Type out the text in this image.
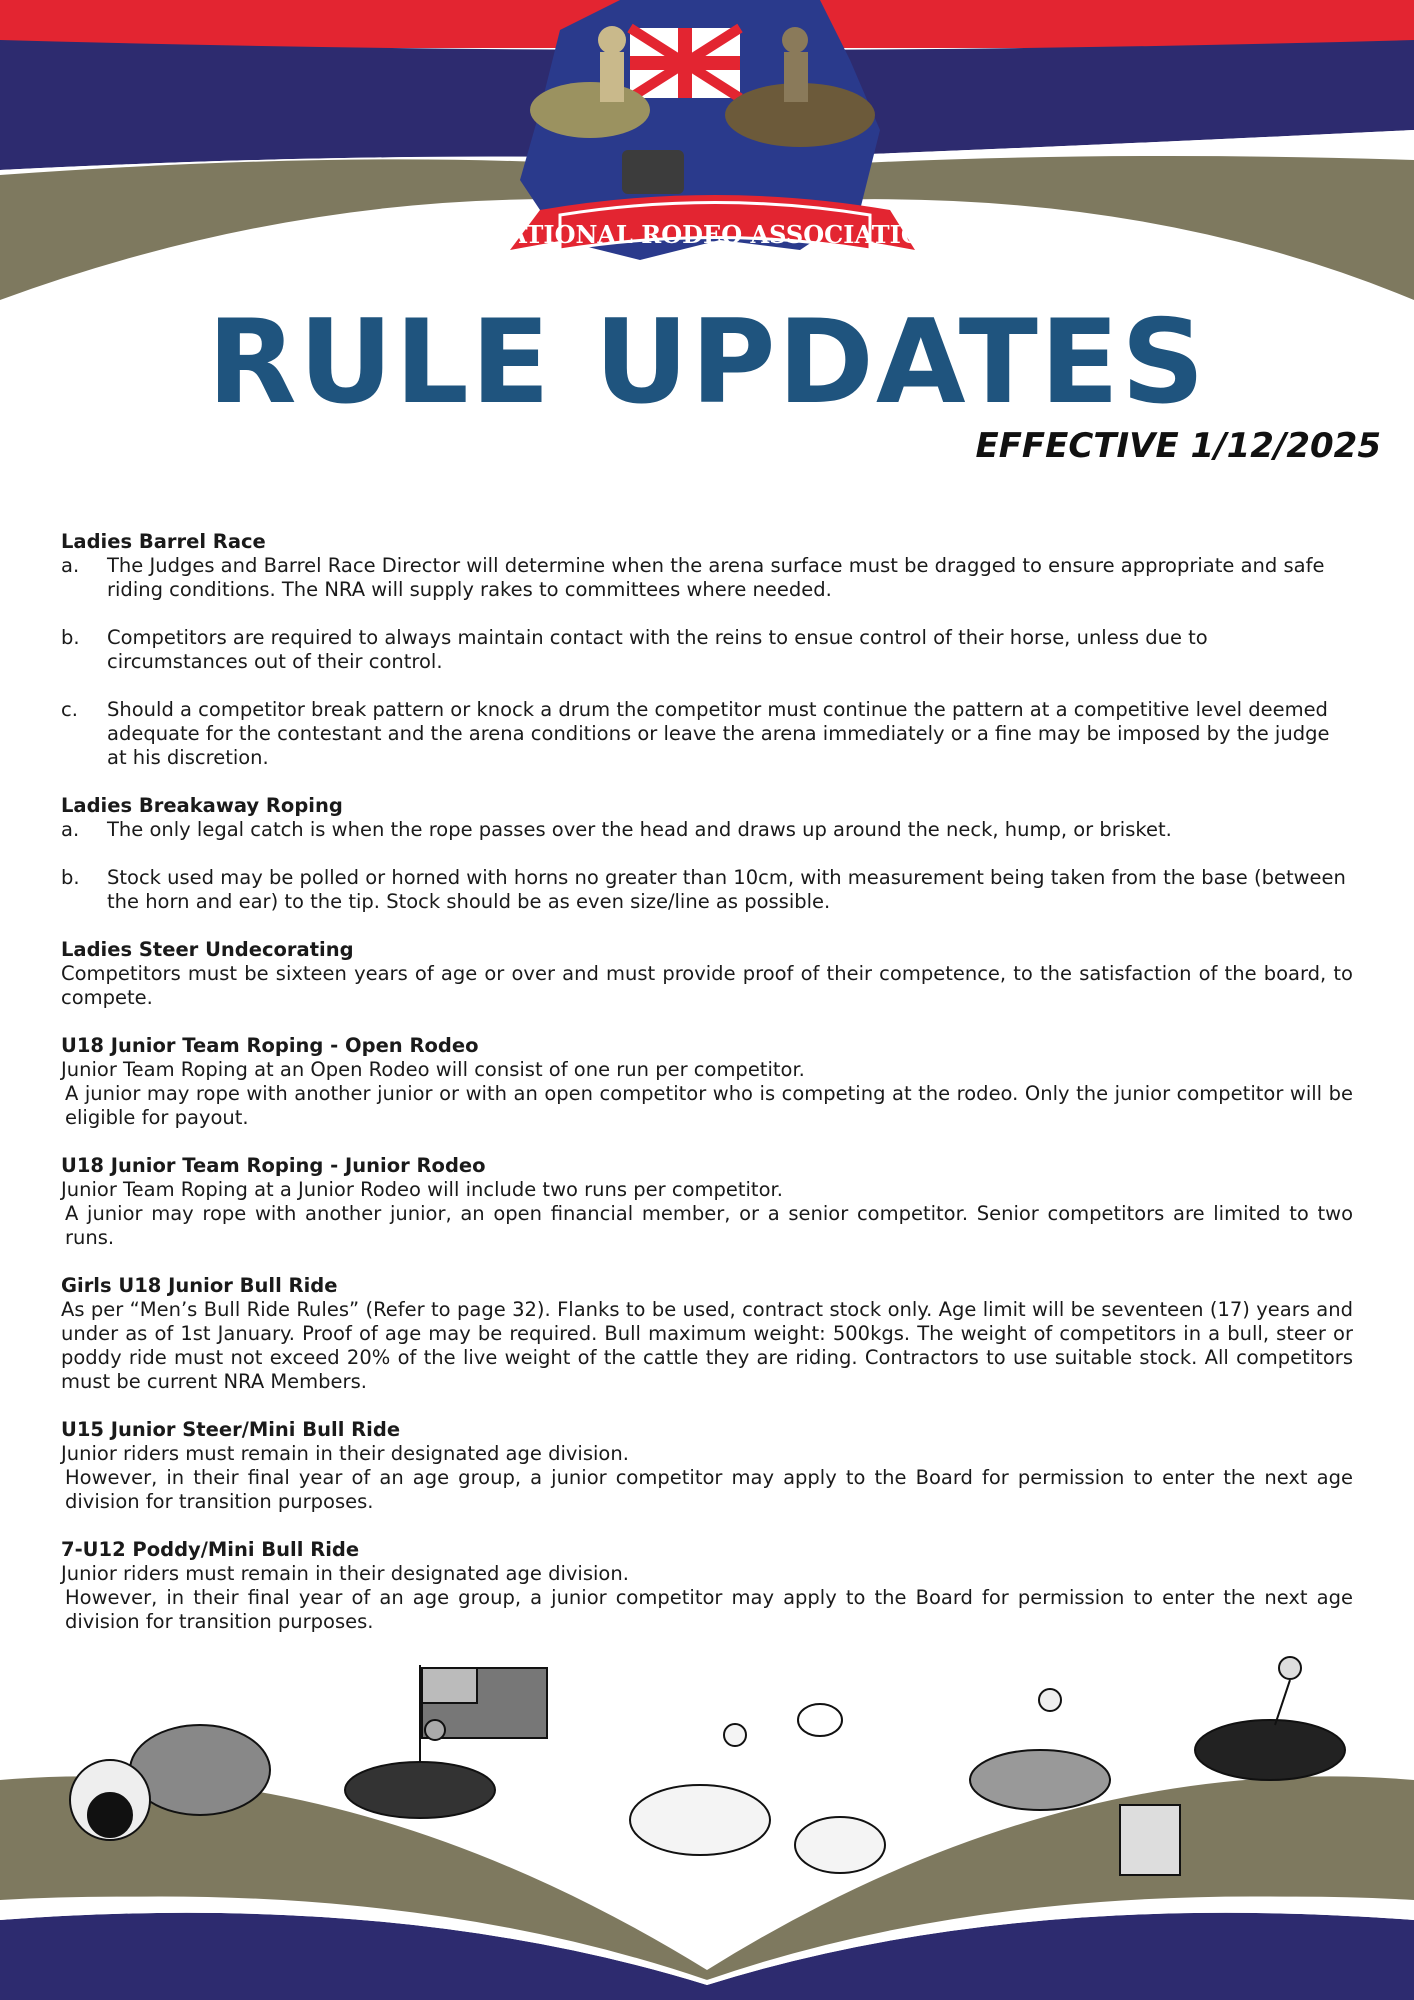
NATIONAL RODEO ASSOCIATION
RULE UPDATES
EFFECTIVE 1/12/2025
Ladies Barrel Race
a.	The Judges and Barrel Race Director will determine when the arena surface must be dragged to ensure appropriate and safe riding conditions. The NRA will supply rakes to committees where needed.
b.	Competitors are required to always maintain contact with the reins to ensue control of their horse, unless due to circumstances out of their control.
c.	Should a competitor break pattern or knock a drum the competitor must continue the pattern at a competitive level deemed adequate for the contestant and the arena conditions or leave the arena immediately or a fine may be imposed by the judge at his discretion.
Ladies Breakaway Roping
a.	The only legal catch is when the rope passes over the head and draws up around the neck, hump, or brisket.
b.	Stock used may be polled or horned with horns no greater than 10cm, with measurement being taken from the base (between the horn and ear) to the tip. Stock should be as even size/line as possible.
Ladies Steer Undecorating

Competitors must be sixteen years of age or over and must provide proof of their competence, to the satisfaction of the board, to compete.

U18 Junior Team Roping - Open Rodeo

Junior Team Roping at an Open Rodeo will consist of one run per competitor.

A junior may rope with another junior or with an open competitor who is competing at the rodeo. Only the junior competitor will be eligible for payout.

U18 Junior Team Roping - Junior Rodeo

Junior Team Roping at a Junior Rodeo will include two runs per competitor.

A junior may rope with another junior, an open financial member, or a senior competitor. Senior competitors are limited to two runs.

Girls U18 Junior Bull Ride

As per “Men’s Bull Ride Rules” (Refer to page 32). Flanks to be used, contract stock only. Age limit will be seventeen (17) years and under as of 1st January. Proof of age may be required. Bull maximum weight: 500kgs. The weight of competitors in a bull, steer or poddy ride must not exceed 20% of the live weight of the cattle they are riding. Contractors to use suitable stock. All competitors must be current NRA Members.

U15 Junior Steer/Mini Bull Ride

Junior riders must remain in their designated age division.

However, in their final year of an age group, a junior competitor may apply to the Board for permission to enter the next age division for transition purposes.

7-U12 Poddy/Mini Bull Ride

Junior riders must remain in their designated age division.

However, in their final year of an age group, a junior competitor may apply to the Board for permission to enter the next age division for transition purposes.
